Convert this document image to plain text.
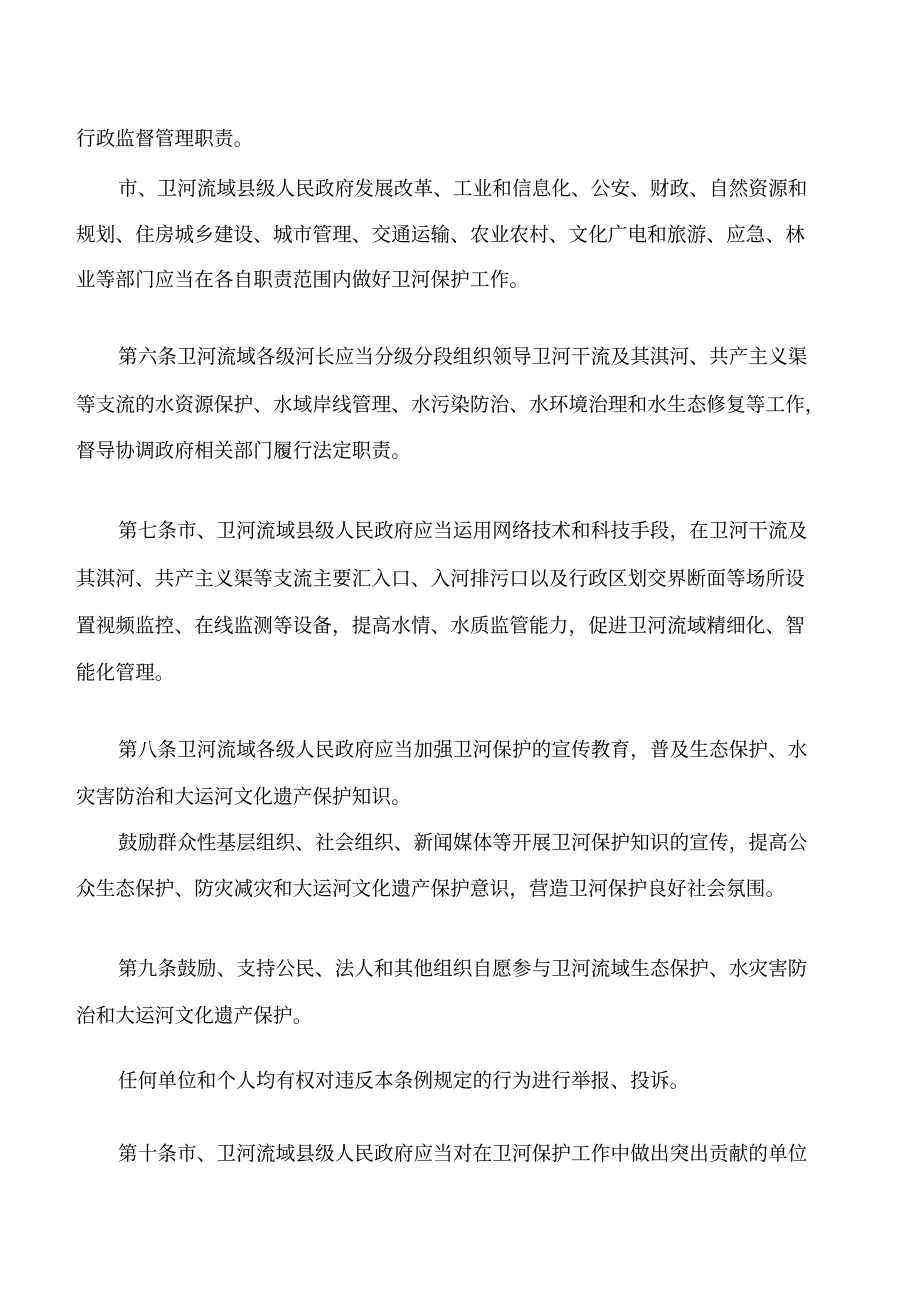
行政监督管理职责。
市、卫河流域县级人民政府发展改革、工业和信息化、公安、财政、自然资源和
规划、住房城乡建设、城市管理、交通运输、农业农村、文化广电和旅游、应急、林
业等部门应当在各自职责范围内做好卫河保护工作。
第六条卫河流域各级河长应当分级分段组织领导卫河干流及其淇河、共产主义渠
等支流的水资源保护、水域岸线管理、水污染防治、水环境治理和水生态修复等工作，
督导协调政府相关部门履行法定职责。
第七条市、卫河流域县级人民政府应当运用网络技术和科技手段，在卫河干流及
其淇河、共产主义渠等支流主要汇入口、入河排污口以及行政区划交界断面等场所设
置视频监控、在线监测等设备，提高水情、水质监管能力，促进卫河流域精细化、智
能化管理。
第八条卫河流域各级人民政府应当加强卫河保护的宣传教育，普及生态保护、水
灾害防治和大运河文化遗产保护知识。
鼓励群众性基层组织、社会组织、新闻媒体等开展卫河保护知识的宣传，提高公
众生态保护、防灾减灾和大运河文化遗产保护意识，营造卫河保护良好社会氛围。
第九条鼓励、支持公民、法人和其他组织自愿参与卫河流域生态保护、水灾害防
治和大运河文化遗产保护。
任何单位和个人均有权对违反本条例规定的行为进行举报、投诉。
第十条市、卫河流域县级人民政府应当对在卫河保护工作中做出突出贡献的单位
